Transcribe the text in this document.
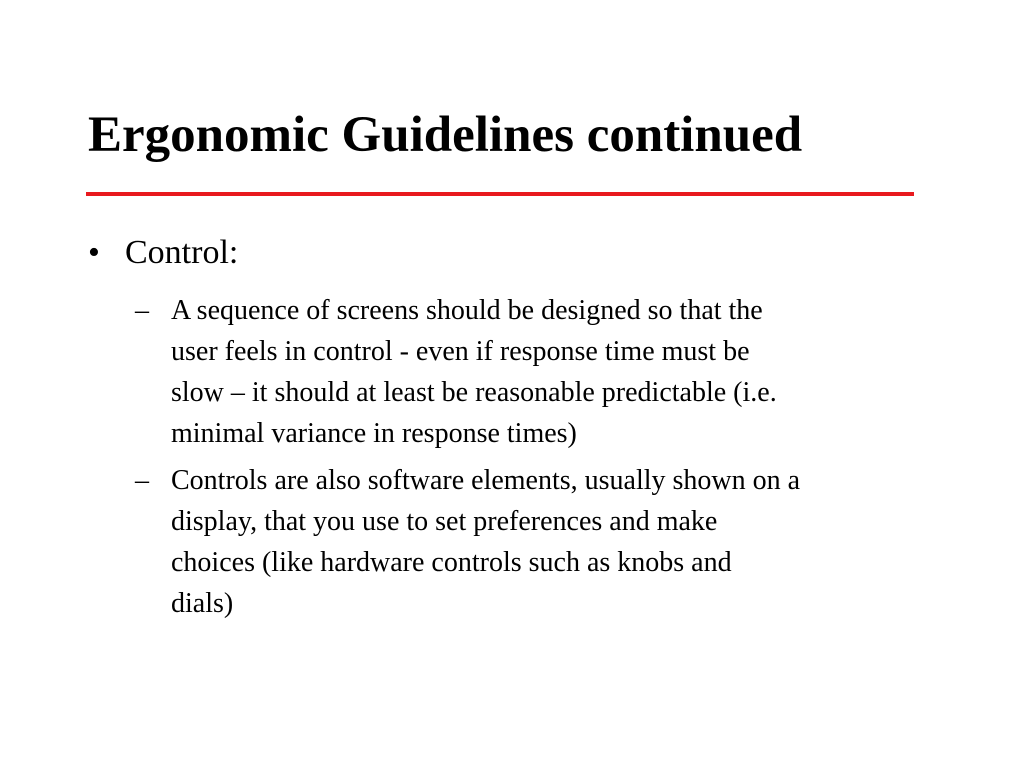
Ergonomic Guidelines continued
• Control:
– A sequence of screens should be designed so that the
user feels in control - even if response time must be
slow – it should at least be reasonable predictable (i.e.
minimal variance in response times)
– Controls are also software elements, usually shown on a
display, that you use to set preferences and make
choices (like hardware controls such as knobs and
dials)
